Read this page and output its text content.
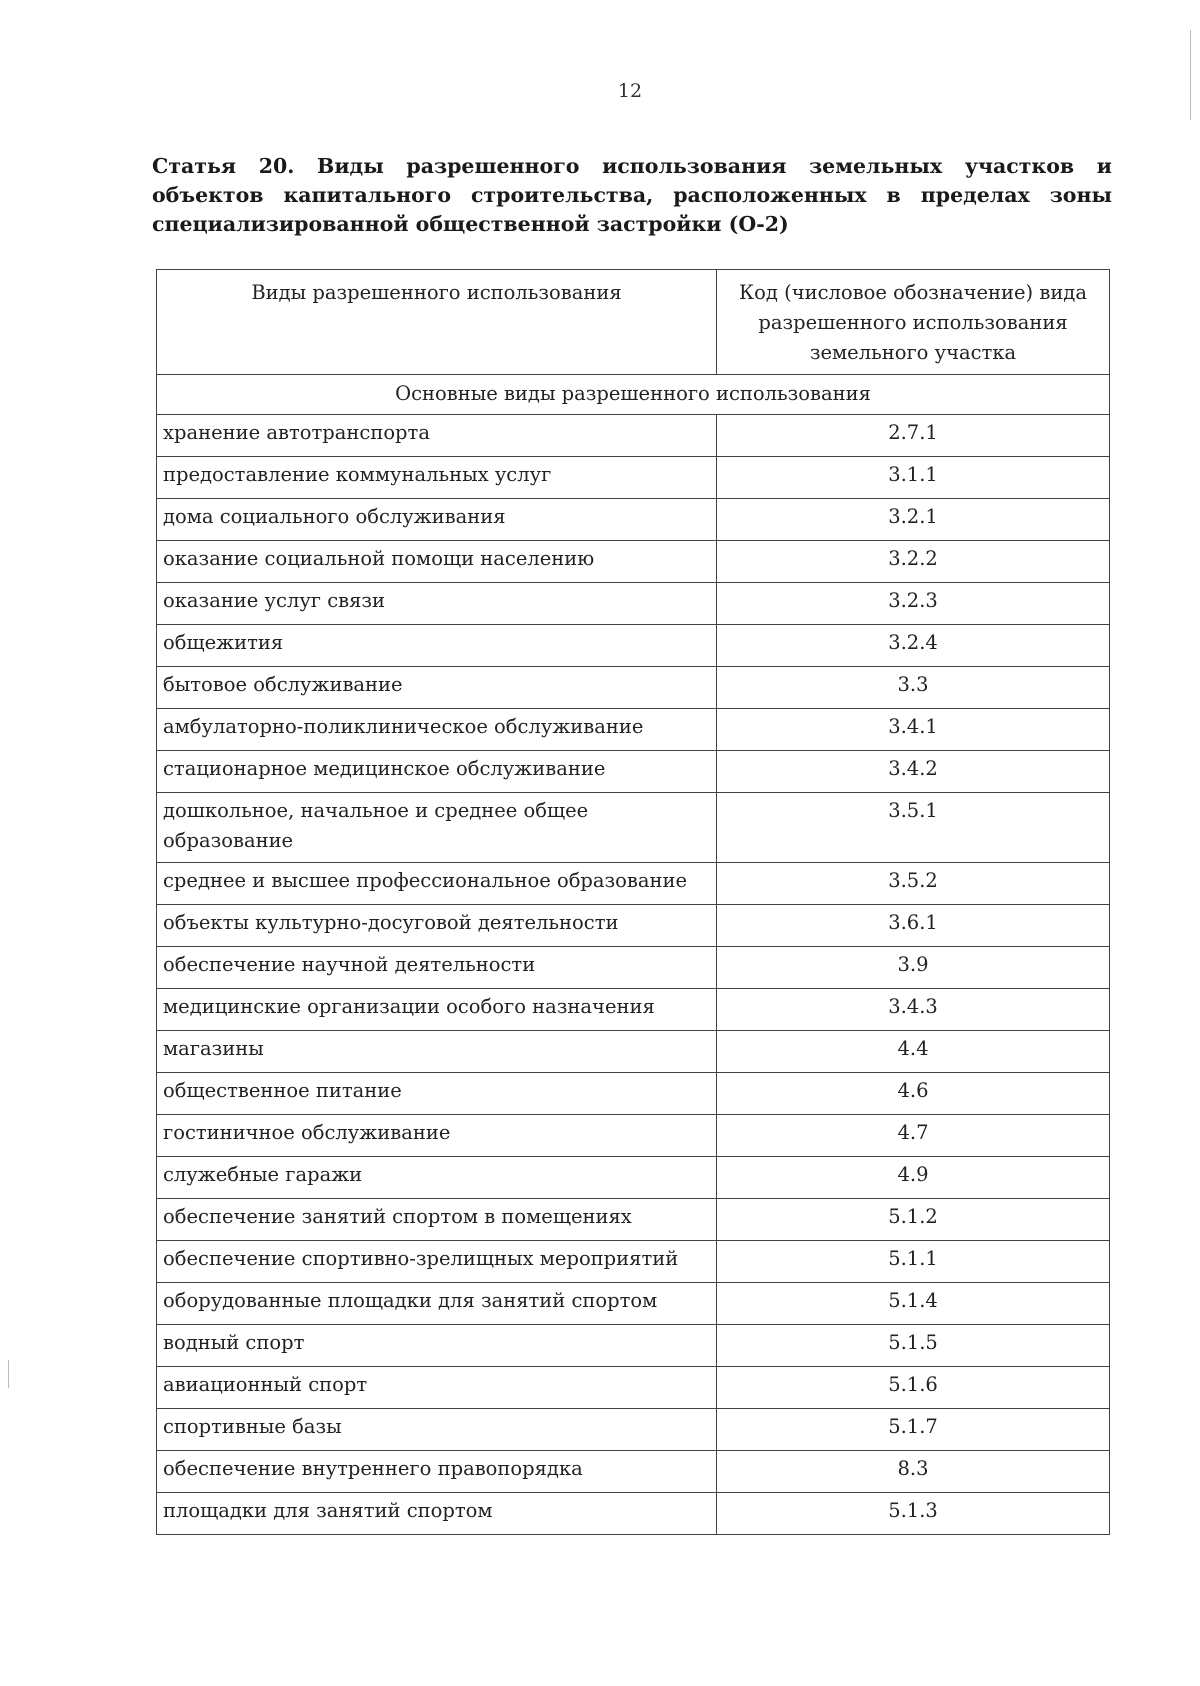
12
Статья 20. Виды разрешенного использования земельных участков и
объектов капитального строительства, расположенных в пределах зоны
специализированной общественной застройки (О-2)
Виды разрешенного использования	Код (числовое обозначение) вида разрешенного использования земельного участка
Основные виды разрешенного использования	
хранение автотранспорта	2.7.1
предоставление коммунальных услуг	3.1.1
дома социального обслуживания	3.2.1
оказание социальной помощи населению	3.2.2
оказание услуг связи	3.2.3
общежития	3.2.4
бытовое обслуживание	3.3
амбулаторно-поликлиническое обслуживание	3.4.1
стационарное медицинское обслуживание	3.4.2
дошкольное, начальное и среднее общее образование	3.5.1
среднее и высшее профессиональное образование	3.5.2
объекты культурно-досуговой деятельности	3.6.1
обеспечение научной деятельности	3.9
медицинские организации особого назначения	3.4.3
магазины	4.4
общественное питание	4.6
гостиничное обслуживание	4.7
служебные гаражи	4.9
обеспечение занятий спортом в помещениях	5.1.2
обеспечение спортивно-зрелищных мероприятий	5.1.1
оборудованные площадки для занятий спортом	5.1.4
водный спорт	5.1.5
авиационный спорт	5.1.6
спортивные базы	5.1.7
обеспечение внутреннего правопорядка	8.3
площадки для занятий спортом	5.1.3
